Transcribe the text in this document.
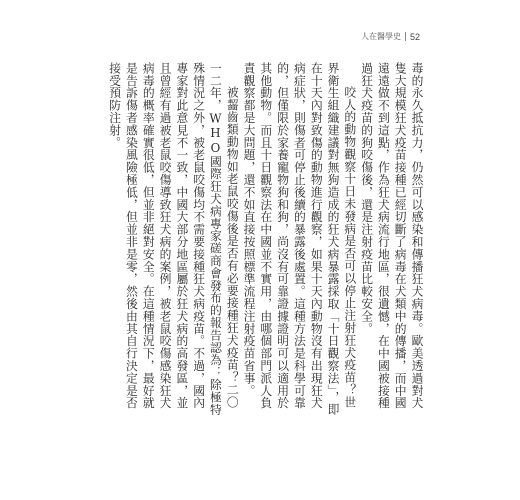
人在醫學史 52

毒的永久抵抗力，仍然可以感染和傳播狂犬病毒。歐美透過對犬隻大規模狂犬疫苗接種已經切斷了病毒在犬類中的傳播，而中國遠遠做不到這點，作為狂犬病流行地區，很遺憾，在中國被接種過狂犬疫苗的狗咬傷後，還是注射疫苗比較安全。

咬人的動物觀察十日未發病是否可以停止注射狂犬疫苗？世界衛生組織建議對無狗造成的狂犬病暴露採取「十日觀察法」，即在十天內對致傷的動物進行觀察，如果十天內動物沒有出現狂犬病症狀，則傷者可停止後續的暴露後處置。這種方法是科學可靠的，但僅限於家養寵物狗和狗，尚沒有可靠證據證明可以適用於其他動物。而且十日觀察法在中國並不實用，由哪個部門派人負責觀察都是大問題，還不如直接按照標準流程注射疫苗省事。

被齧齒類動物如老鼠咬傷後是否有必要接種狂犬疫苗？二〇一二年，WHO國際狂犬病專家磋商會發布的報告認為：除極特殊情況之外，被老鼠咬傷均不需要接種狂犬病疫苗。不過，國內專家對此意見不一致，中國大部分地區屬於狂犬病的高發區，並且曾經有過被老鼠咬傷導致狂犬病的案例，被老鼠咬傷感染狂犬病毒的概率確實很低，但並非絕對安全。在這種情況下，最好就是告訴傷者感染風險極低，但並非是零，然後由其自行決定是否接受預防注射。
